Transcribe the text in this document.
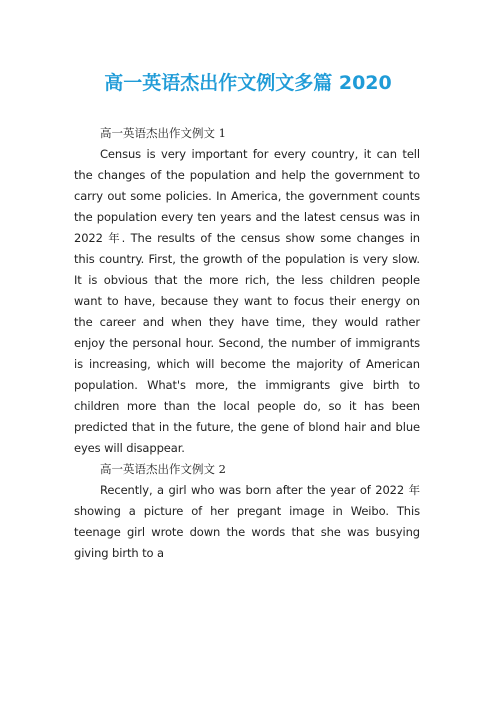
高一英语杰出作文例文多篇 2020

高一英语杰出作文例文 1

Census is very important for every country, it can tell the changes of the population and help the government to carry out some policies. In America, the government counts the population every ten years and the latest census was in 2022 年. The results of the census show some changes in this country. First, the growth of the population is very slow. It is obvious that the more rich, the less children people want to have, because they want to focus their energy on the career and when they have time, they would rather enjoy the personal hour. Second, the number of immigrants is increasing, which will become the majority of American population. What's more, the immigrants give birth to children more than the local people do, so it has been predicted that in the future, the gene of blond hair and blue eyes will disappear.

高一英语杰出作文例文 2

Recently, a girl who was born after the year of 2022 年 showing a picture of her pregant image in Weibo. This teenage girl wrote down the words that she was busying giving birth to a
